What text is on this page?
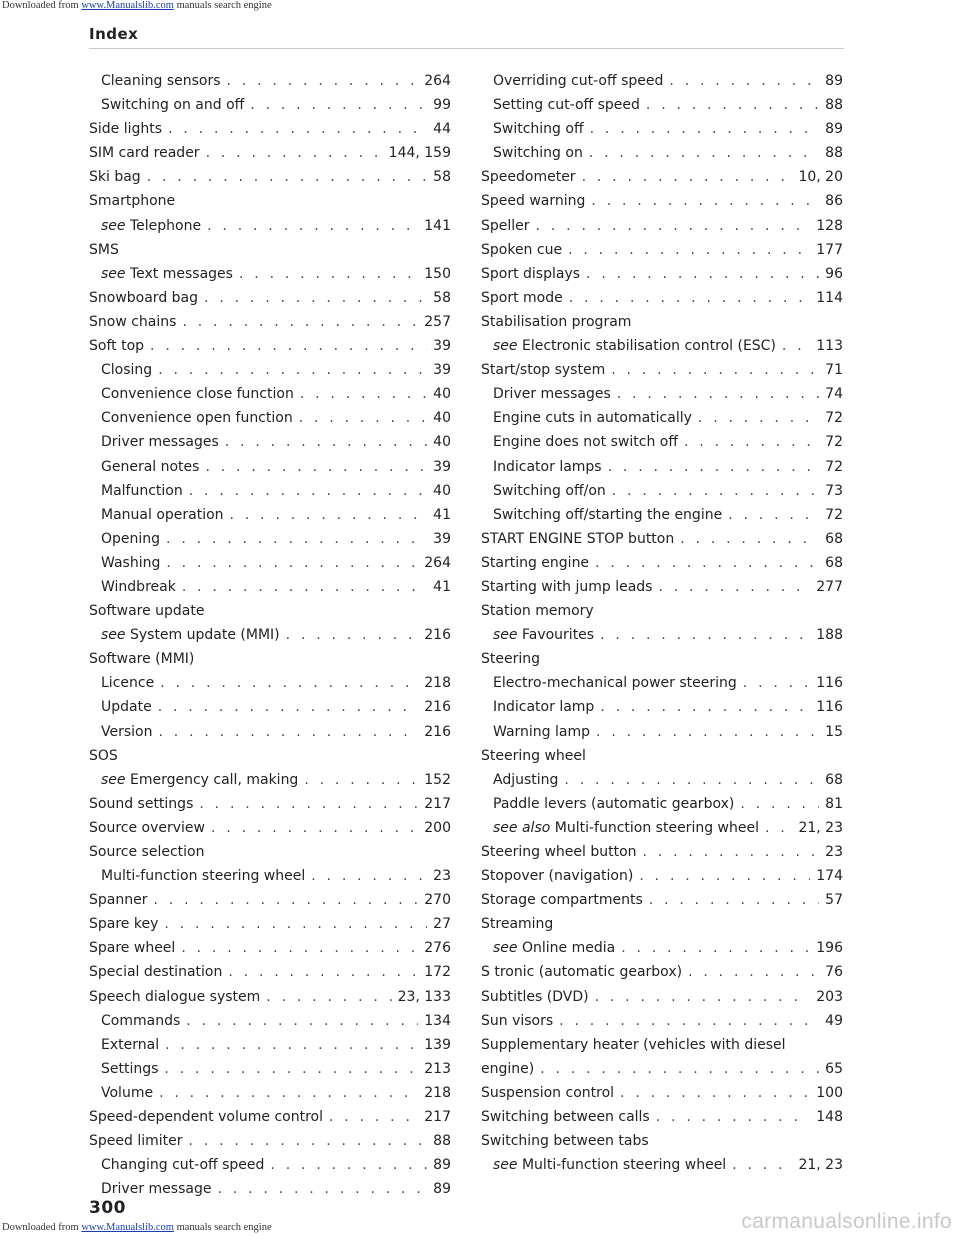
Downloaded from www.Manualslib.com manuals search engine
Index
Cleaning sensors . . .	264
Switching on and off . . .	99
Side lights . . .	44
SIM card reader . . .	144, 159
Ski bag . . .	58
Smartphone
see Telephone . . .	141
SMS
see Text messages . . .	150
Snowboard bag . . .	58
Snow chains . . .	257
Soft top . . .	39
Closing . . .	39
Convenience close function . . .	40
Convenience open function . . .	40
Driver messages . . .	40
General notes . . .	39
Malfunction . . .	40
Manual operation . . .	41
Opening . . .	39
Washing . . .	264
Windbreak . . .	41
Software update
see System update (MMI) . . .	216
Software (MMI)
Licence . . .	218
Update . . .	216
Version . . .	216
SOS
see Emergency call, making . . .	152
Sound settings . . .	217
Source overview . . .	200
Source selection
Multi-function steering wheel . . .	23
Spanner . . .	270
Spare key . . .	27
Spare wheel . . .	276
Special destination . . .	172
Speech dialogue system . . .	23, 133
Commands . . .	134
External . . .	139
Settings . . .	213
Volume . . .	218
Speed-dependent volume control . . .	217
Speed limiter . . .	88
Changing cut-off speed . . .	89
Driver message . . .	89
Overriding cut-off speed . . .	89
Setting cut-off speed . . .	88
Switching off . . .	89
Switching on . . .	88
Speedometer . . .	10, 20
Speed warning . . .	86
Speller . . .	128
Spoken cue . . .	177
Sport displays . . .	96
Sport mode . . .	114
Stabilisation program
see Electronic stabilisation control (ESC) . . .	113
Start/stop system . . .	71
Driver messages . . .	74
Engine cuts in automatically . . .	72
Engine does not switch off . . .	72
Indicator lamps . . .	72
Switching off/on . . .	73
Switching off/starting the engine . . .	72
START ENGINE STOP button . . .	68
Starting engine . . .	68
Starting with jump leads . . .	277
Station memory
see Favourites . . .	188
Steering
Electro-mechanical power steering . . .	116
Indicator lamp . . .	116
Warning lamp . . .	15
Steering wheel
Adjusting . . .	68
Paddle levers (automatic gearbox) . . .	81
see also Multi-function steering wheel . . .	21, 23
Steering wheel button . . .	23
Stopover (navigation) . . .	174
Storage compartments . . .	57
Streaming
see Online media . . .	196
S tronic (automatic gearbox) . . .	76
Subtitles (DVD) . . .	203
Sun visors . . .	49
Supplementary heater (vehicles with diesel
engine) . . .	65
Suspension control . . .	100
Switching between calls . . .	148
Switching between tabs
see Multi-function steering wheel . . .	21, 23
300
Downloaded from www.Manualslib.com manuals search engine	carmanualsonline.info
